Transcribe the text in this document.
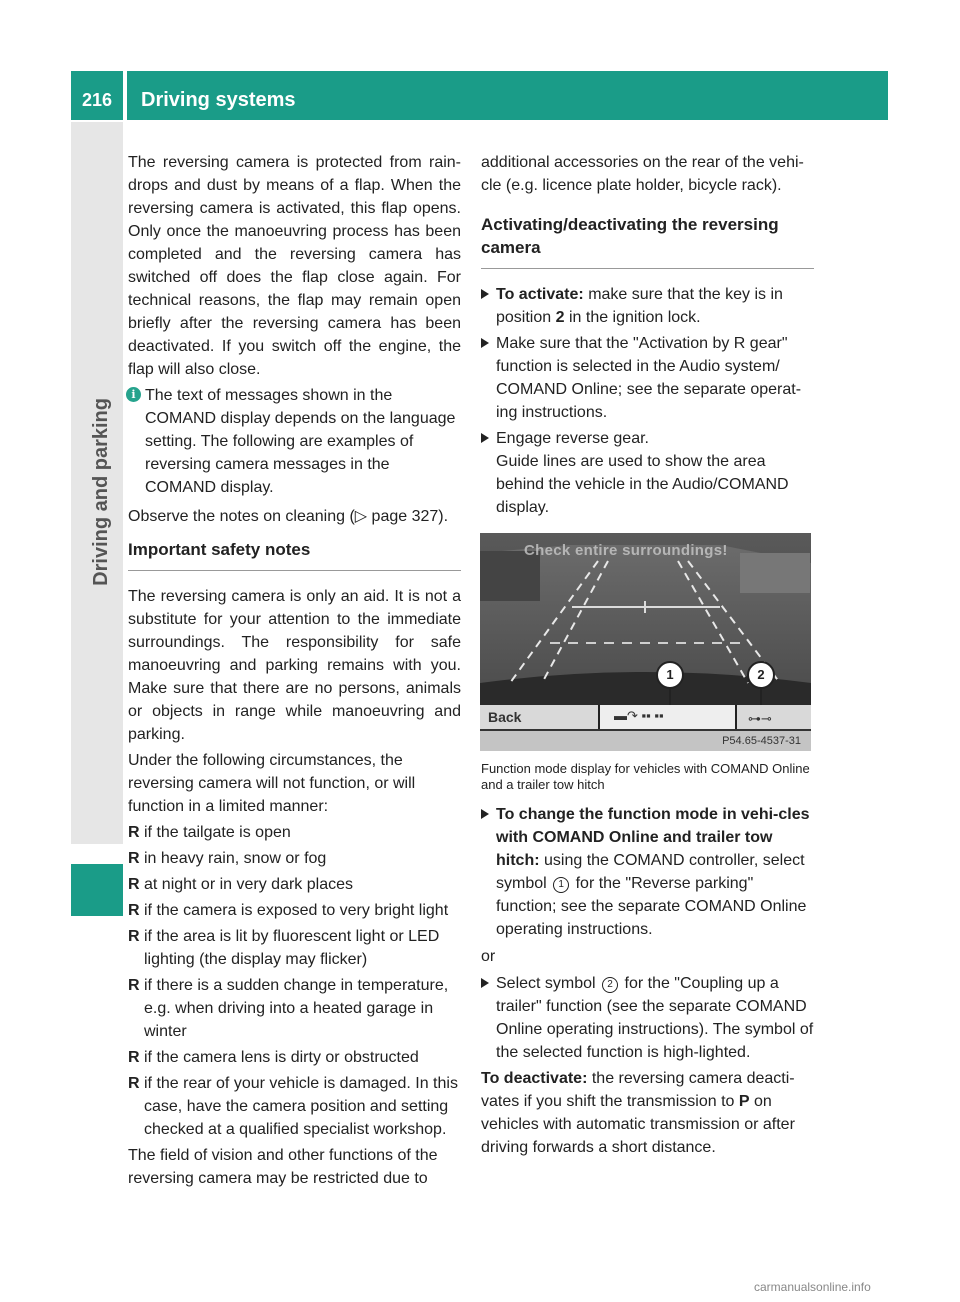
216	Driving systems
Driving and parking

The reversing camera is protected from rain-drops and dust by means of a flap. When the reversing camera is activated, this flap opens. Only once the manoeuvring process has been completed and the reversing camera has switched off does the flap close again. For technical reasons, the flap may remain open briefly after the reversing camera has been deactivated. If you switch off the engine, the flap will also close.

i The text of messages shown in the COMAND display depends on the language setting. The following are examples of reversing camera messages in the COMAND display.

Observe the notes on cleaning (▷ page 327).

Important safety notes

The reversing camera is only an aid. It is not a substitute for your attention to the immediate surroundings. The responsibility for safe manoeuvring and parking remains with you. Make sure that there are no persons, animals or objects in range while manoeuvring and parking.

Under the following circumstances, the reversing camera will not function, or will function in a limited manner:

R if the tailgate is open
R in heavy rain, snow or fog
R at night or in very dark places
R if the camera is exposed to very bright light
R if the area is lit by fluorescent light or LED lighting (the display may flicker)
R if there is a sudden change in temperature, e.g. when driving into a heated garage in winter
R if the camera lens is dirty or obstructed
R if the rear of your vehicle is damaged. In this case, have the camera position and setting checked at a qualified specialist workshop.

The field of vision and other functions of the reversing camera may be restricted due to

additional accessories on the rear of the vehi-cle (e.g. licence plate holder, bicycle rack).

Activating/deactivating the reversing camera
To activate: make sure that the key is in position 2 in the ignition lock.
Make sure that the "Activation by R gear" function is selected in the Audio system/ COMAND Online; see the separate operat-ing instructions.
Engage reverse gear.
Guide lines are used to show the area behind the vehicle in the Audio/COMAND display.
Check entire surroundings!
1	2
Back	▬↷ ▪▪ ▪▪	⊶⊸
P54.65-4537-31
Function mode display for vehicles with COMAND Online and a trailer tow hitch
To change the function mode in vehi-cles with COMAND Online and trailer tow hitch: using the COMAND controller, select symbol 1 for the "Reverse parking" function; see the separate COMAND Online operating instructions.
or
Select symbol 2 for the "Coupling up a trailer" function (see the separate COMAND Online operating instructions). The symbol of the selected function is high-lighted.

To deactivate: the reversing camera deacti-vates if you shift the transmission to P on vehicles with automatic transmission or after driving forwards a short distance.

carmanualsonline.info
